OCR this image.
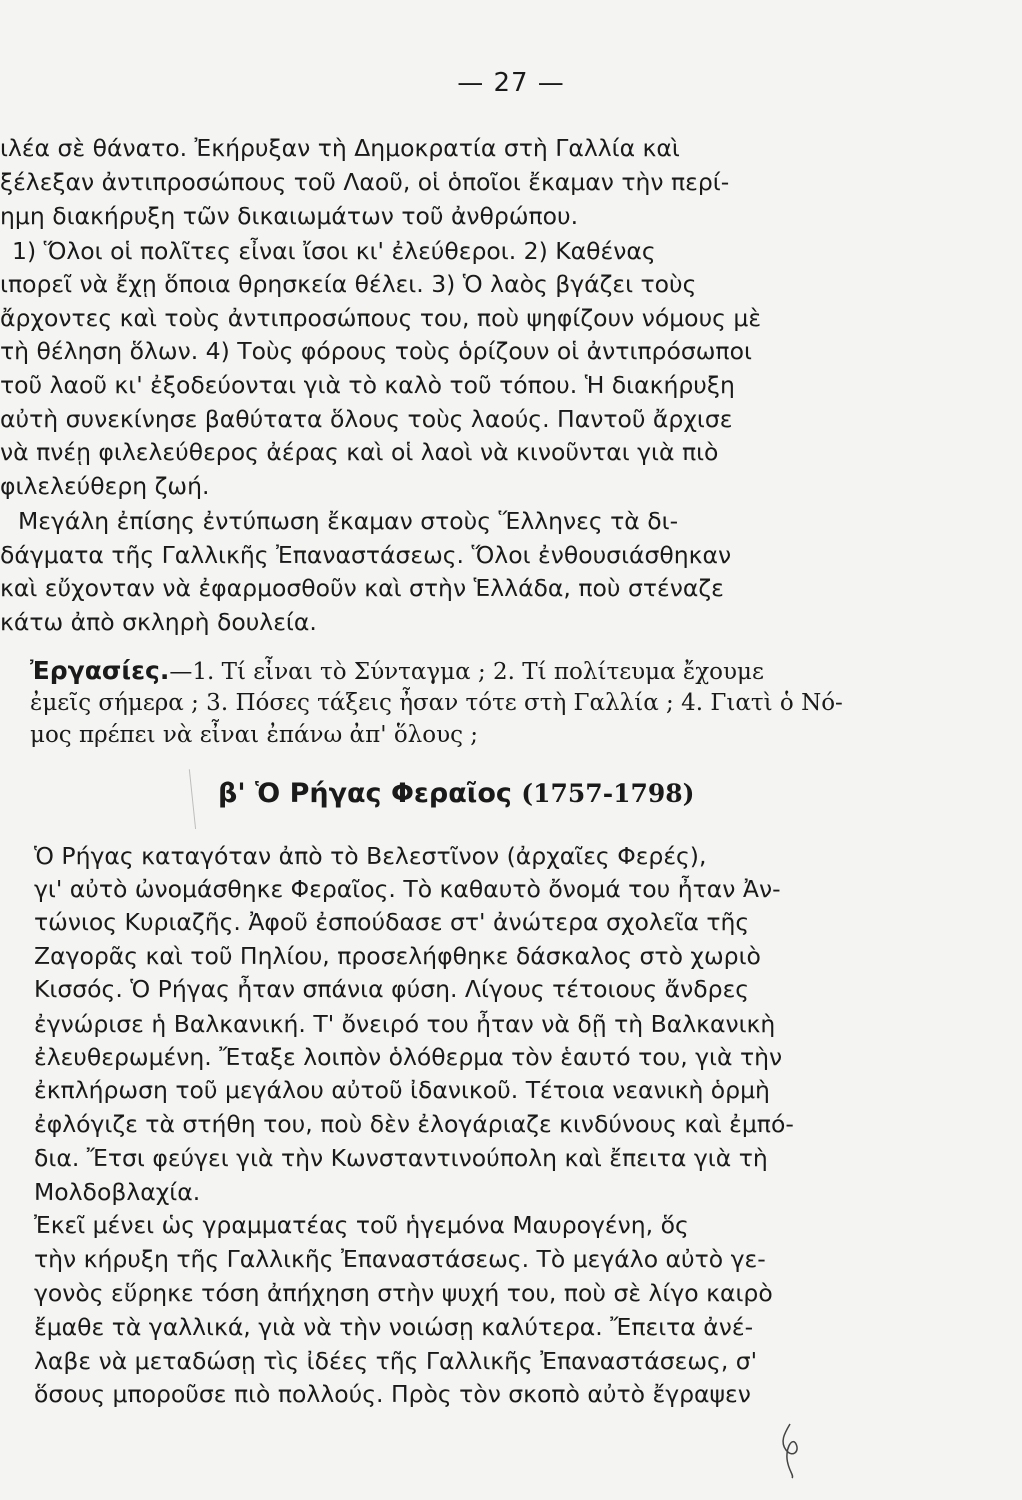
— 27 —
ιλέα σὲ θάνατο. Ἐκήρυξαν τὴ Δημοκρατία στὴ Γαλλία καὶ
ξέλεξαν ἀντιπροσώπους τοῦ Λαοῦ, οἱ ὁποῖοι ἔκαμαν τὴν περί-
ημη διακήρυξη τῶν δικαιωμάτων τοῦ ἀνθρώπου.
1) Ὅλοι οἱ πολῖτες εἶναι ἴσοι κι' ἐλεύθεροι. 2) Καθένας
ιπορεῖ νὰ ἔχῃ ὅποια θρησκεία θέλει. 3) Ὁ λαὸς βγάζει τοὺς
ἄρχοντες καὶ τοὺς ἀντιπροσώπους του, ποὺ ψηφίζουν νόμους μὲ
τὴ θέληση ὅλων. 4) Τοὺς φόρους τοὺς ὁρίζουν οἱ ἀντιπρόσωποι
τοῦ λαοῦ κι' ἐξοδεύονται γιὰ τὸ καλὸ τοῦ τόπου. Ἡ διακήρυξη
αὐτὴ συνεκίνησε βαθύτατα ὅλους τοὺς λαούς. Παντοῦ ἄρχισε
νὰ πνέῃ φιλελεύθερος ἀέρας καὶ οἱ λαοὶ νὰ κινοῦνται γιὰ πιὸ
φιλελεύθερη ζωή.
Μεγάλη ἐπίσης ἐντύπωση ἔκαμαν στοὺς Ἕλληνες τὰ δι-
δάγματα τῆς Γαλλικῆς Ἐπαναστάσεως. Ὅλοι ἐνθουσιάσθηκαν
καὶ εὔχονταν νὰ ἐφαρμοσθοῦν καὶ στὴν Ἑλλάδα, ποὺ στέναζε
κάτω ἀπὸ σκληρὴ δουλεία.
Ἐργασίες.—1. Τί εἶναι τὸ Σύνταγμα ; 2. Τί πολίτευμα ἔχουμε
ἐμεῖς σήμερα ; 3. Πόσες τάξεις ἦσαν τότε στὴ Γαλλία ; 4. Γιατὶ ὁ Νό-
μος πρέπει νὰ εἶναι ἐπάνω ἀπ' ὅλους ;
β' Ὁ Ρήγας Φεραῖος (1757-1798)
Ὁ Ρήγας καταγόταν ἀπὸ τὸ Βελεστῖνον (ἀρχαῖες Φερές),
γι' αὐτὸ ὠνομάσθηκε Φεραῖος. Τὸ καθαυτὸ ὄνομά του ἦταν Ἀν-
τώνιος Κυριαζῆς. Ἀφοῦ ἐσπούδασε στ' ἀνώτερα σχολεῖα τῆς
Ζαγορᾶς καὶ τοῦ Πηλίου, προσελήφθηκε δάσκαλος στὸ χωριὸ
Κισσός. Ὁ Ρήγας ἦταν σπάνια φύση. Λίγους τέτοιους ἄνδρες
ἐγνώρισε ἡ Βαλκανική. Τ' ὄνειρό του ἦταν νὰ δῇ τὴ Βαλκανικὴ
ἐλευθερωμένη. Ἔταξε λοιπὸν ὁλόθερμα τὸν ἑαυτό του, γιὰ τὴν
ἐκπλήρωση τοῦ μεγάλου αὐτοῦ ἰδανικοῦ. Τέτοια νεανικὴ ὁρμὴ
ἐφλόγιζε τὰ στήθη του, ποὺ δὲν ἐλογάριαζε κινδύνους καὶ ἐμπό-
δια. Ἔτσι φεύγει γιὰ τὴν Κωνσταντινούπολη καὶ ἔπειτα γιὰ τὴ
Μολδοβλαχία.
Ἐκεῖ μένει ὡς γραμματέας τοῦ ἡγεμόνα Μαυρογένη, ὅς
τὴν κήρυξη τῆς Γαλλικῆς Ἐπαναστάσεως. Τὸ μεγάλο αὐτὸ γε-
γονὸς εὕρηκε τόση ἀπήχηση στὴν ψυχή του, ποὺ σὲ λίγο καιρὸ
ἔμαθε τὰ γαλλικά, γιὰ νὰ τὴν νοιώσῃ καλύτερα. Ἔπειτα ἀνέ-
λαβε νὰ μεταδώσῃ τὶς ἰδέες τῆς Γαλλικῆς Ἐπαναστάσεως, σ'
ὅσους μποροῦσε πιὸ πολλούς. Πρὸς τὸν σκοπὸ αὐτὸ ἔγραψεν
